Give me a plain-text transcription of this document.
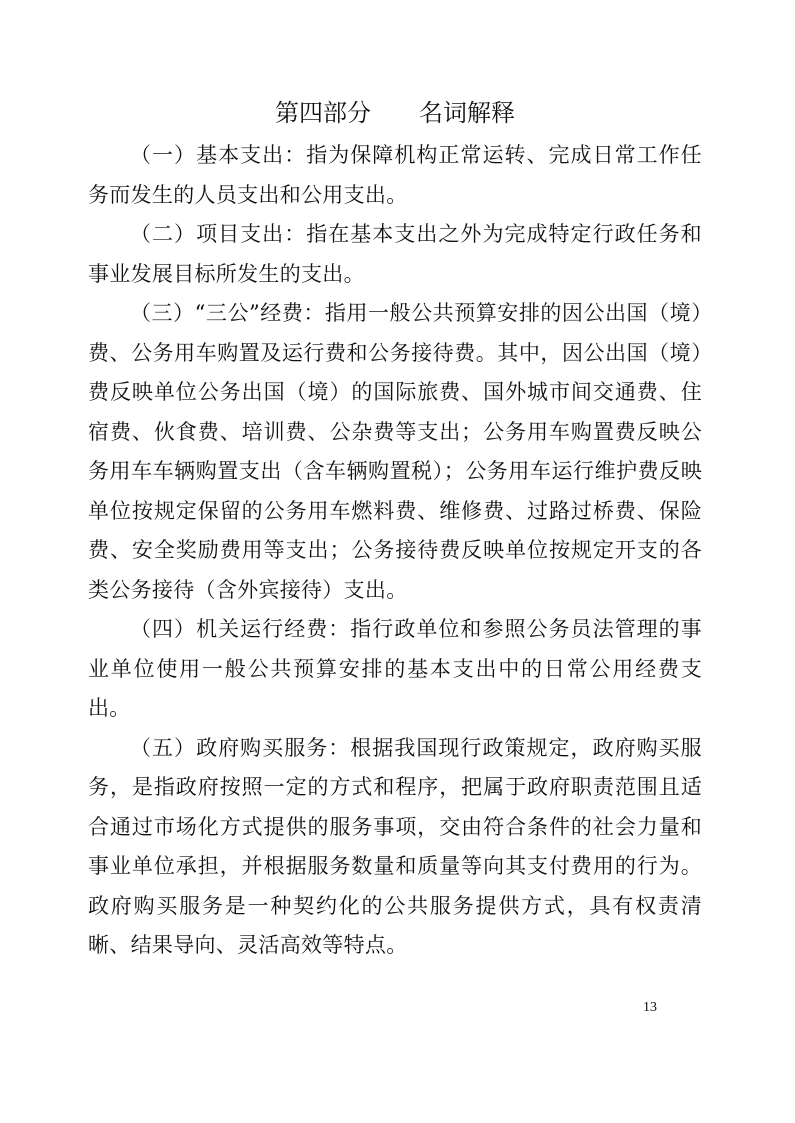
第四部分　　名词解释

（一）基本支出：指为保障机构正常运转、完成日常工作任务而发生的人员支出和公用支出。

（二）项目支出：指在基本支出之外为完成特定行政任务和事业发展目标所发生的支出。

（三）“三公”经费：指用一般公共预算安排的因公出国（境）费、公务用车购置及运行费和公务接待费。其中，因公出国（境）费反映单位公务出国（境）的国际旅费、国外城市间交通费、住宿费、伙食费、培训费、公杂费等支出；公务用车购置费反映公务用车车辆购置支出（含车辆购置税）；公务用车运行维护费反映单位按规定保留的公务用车燃料费、维修费、过路过桥费、保险费、安全奖励费用等支出；公务接待费反映单位按规定开支的各类公务接待（含外宾接待）支出。

（四）机关运行经费：指行政单位和参照公务员法管理的事业单位使用一般公共预算安排的基本支出中的日常公用经费支出。

（五）政府购买服务：根据我国现行政策规定，政府购买服务，是指政府按照一定的方式和程序，把属于政府职责范围且适合通过市场化方式提供的服务事项，交由符合条件的社会力量和事业单位承担，并根据服务数量和质量等向其支付费用的行为。政府购买服务是一种契约化的公共服务提供方式，具有权责清晰、结果导向、灵活高效等特点。

13
